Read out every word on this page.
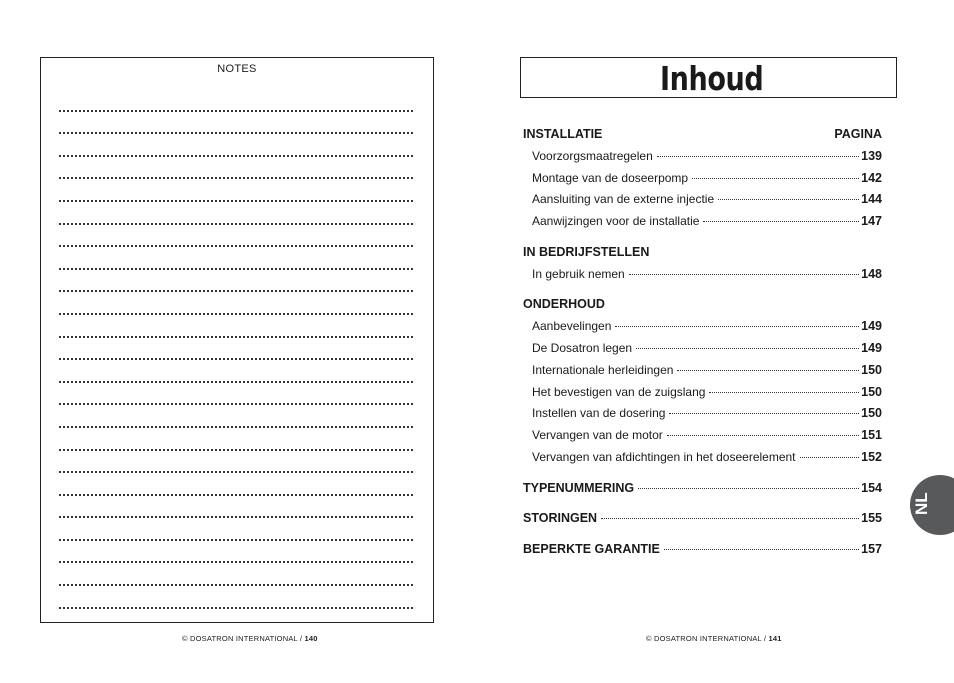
NOTES
© DOSATRON INTERNATIONAL / 140
Inhoud
INSTALLATIE	PAGINA
Voorzorgsmaatregelen	139
Montage van de doseerpomp	142
Aansluiting van de externe injectie	144
Aanwijzingen voor de installatie	147
IN BEDRIJFSTELLEN
In gebruik nemen	148
ONDERHOUD
Aanbevelingen	149
De Dosatron legen	149
Internationale herleidingen	150
Het bevestigen van de zuigslang	150
Instellen van de dosering	150
Vervangen van de motor	151
Vervangen van afdichtingen in het doseerelement	152
TYPENUMMERING	154
STORINGEN	155
BEPERKTE GARANTIE	157
NL
© DOSATRON INTERNATIONAL / 141
